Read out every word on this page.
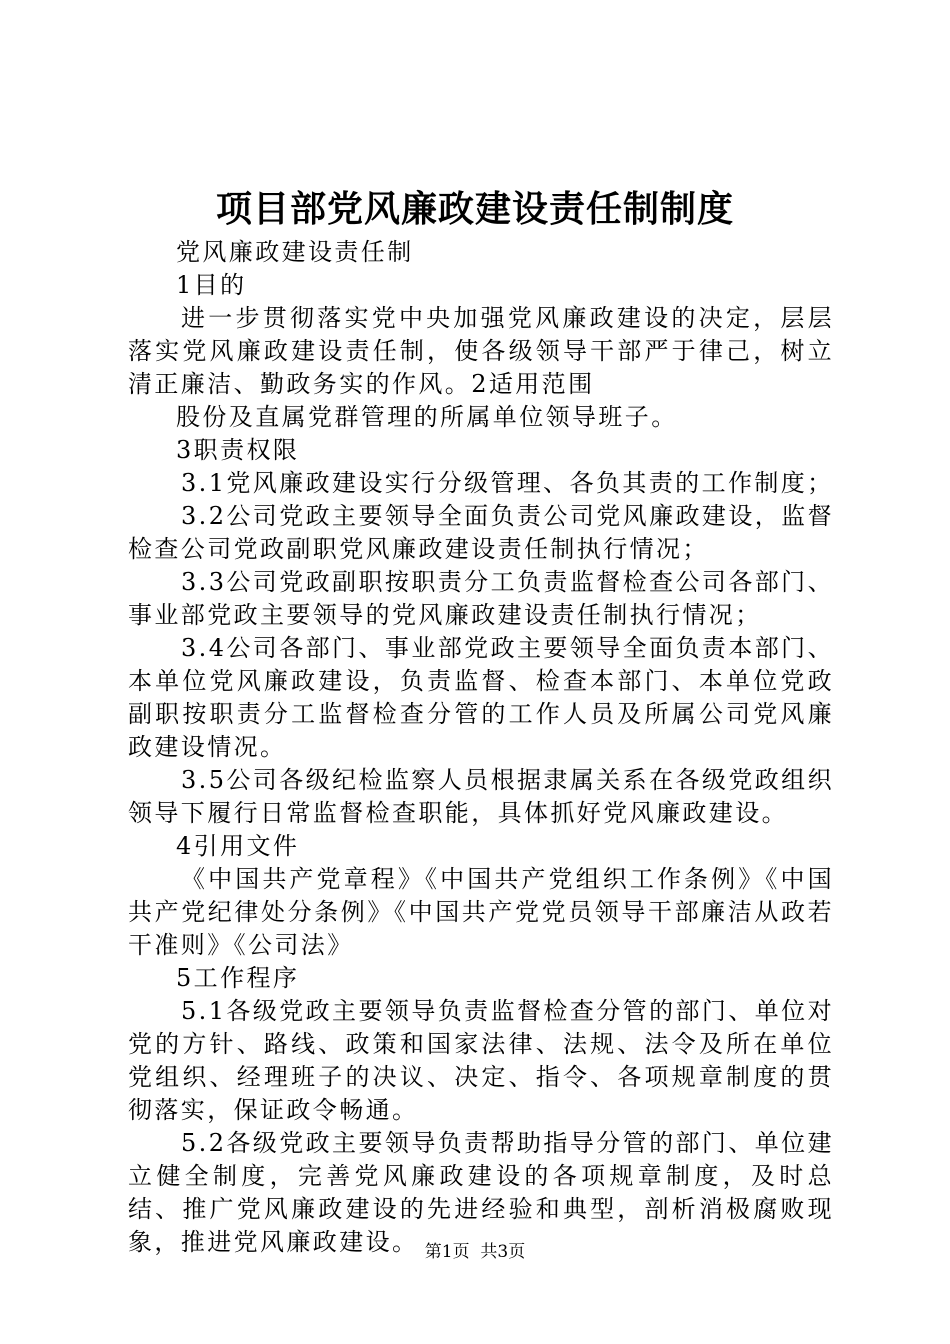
项目部党风廉政建设责任制制度

党风廉政建设责任制

1目的

进一步贯彻落实党中央加强党风廉政建设的决定，层层落实党风廉政建设责任制，使各级领导干部严于律己，树立清正廉洁、勤政务实的作风。2适用范围

股份及直属党群管理的所属单位领导班子。

3职责权限

3.1党风廉政建设实行分级管理、各负其责的工作制度；

3.2公司党政主要领导全面负责公司党风廉政建设，监督检查公司党政副职党风廉政建设责任制执行情况；

3.3公司党政副职按职责分工负责监督检查公司各部门、事业部党政主要领导的党风廉政建设责任制执行情况；

3.4公司各部门、事业部党政主要领导全面负责本部门、本单位党风廉政建设，负责监督、检查本部门、本单位党政副职按职责分工监督检查分管的工作人员及所属公司党风廉政建设情况。

3.5公司各级纪检监察人员根据隶属关系在各级党政组织领导下履行日常监督检查职能，具体抓好党风廉政建设。

4引用文件

《中国共产党章程》《中国共产党组织工作条例》《中国共产党纪律处分条例》《中国共产党党员领导干部廉洁从政若干准则》《公司法》

5工作程序

5.1各级党政主要领导负责监督检查分管的部门、单位对党的方针、路线、政策和国家法律、法规、法令及所在单位党组织、经理班子的决议、决定、指令、各项规章制度的贯彻落实，保证政令畅通。

5.2各级党政主要领导负责帮助指导分管的部门、单位建立健全制度，完善党风廉政建设的各项规章制度，及时总结、推广党风廉政建设的先进经验和典型，剖析消极腐败现象，推进党风廉政建设。 第1页  共3页
